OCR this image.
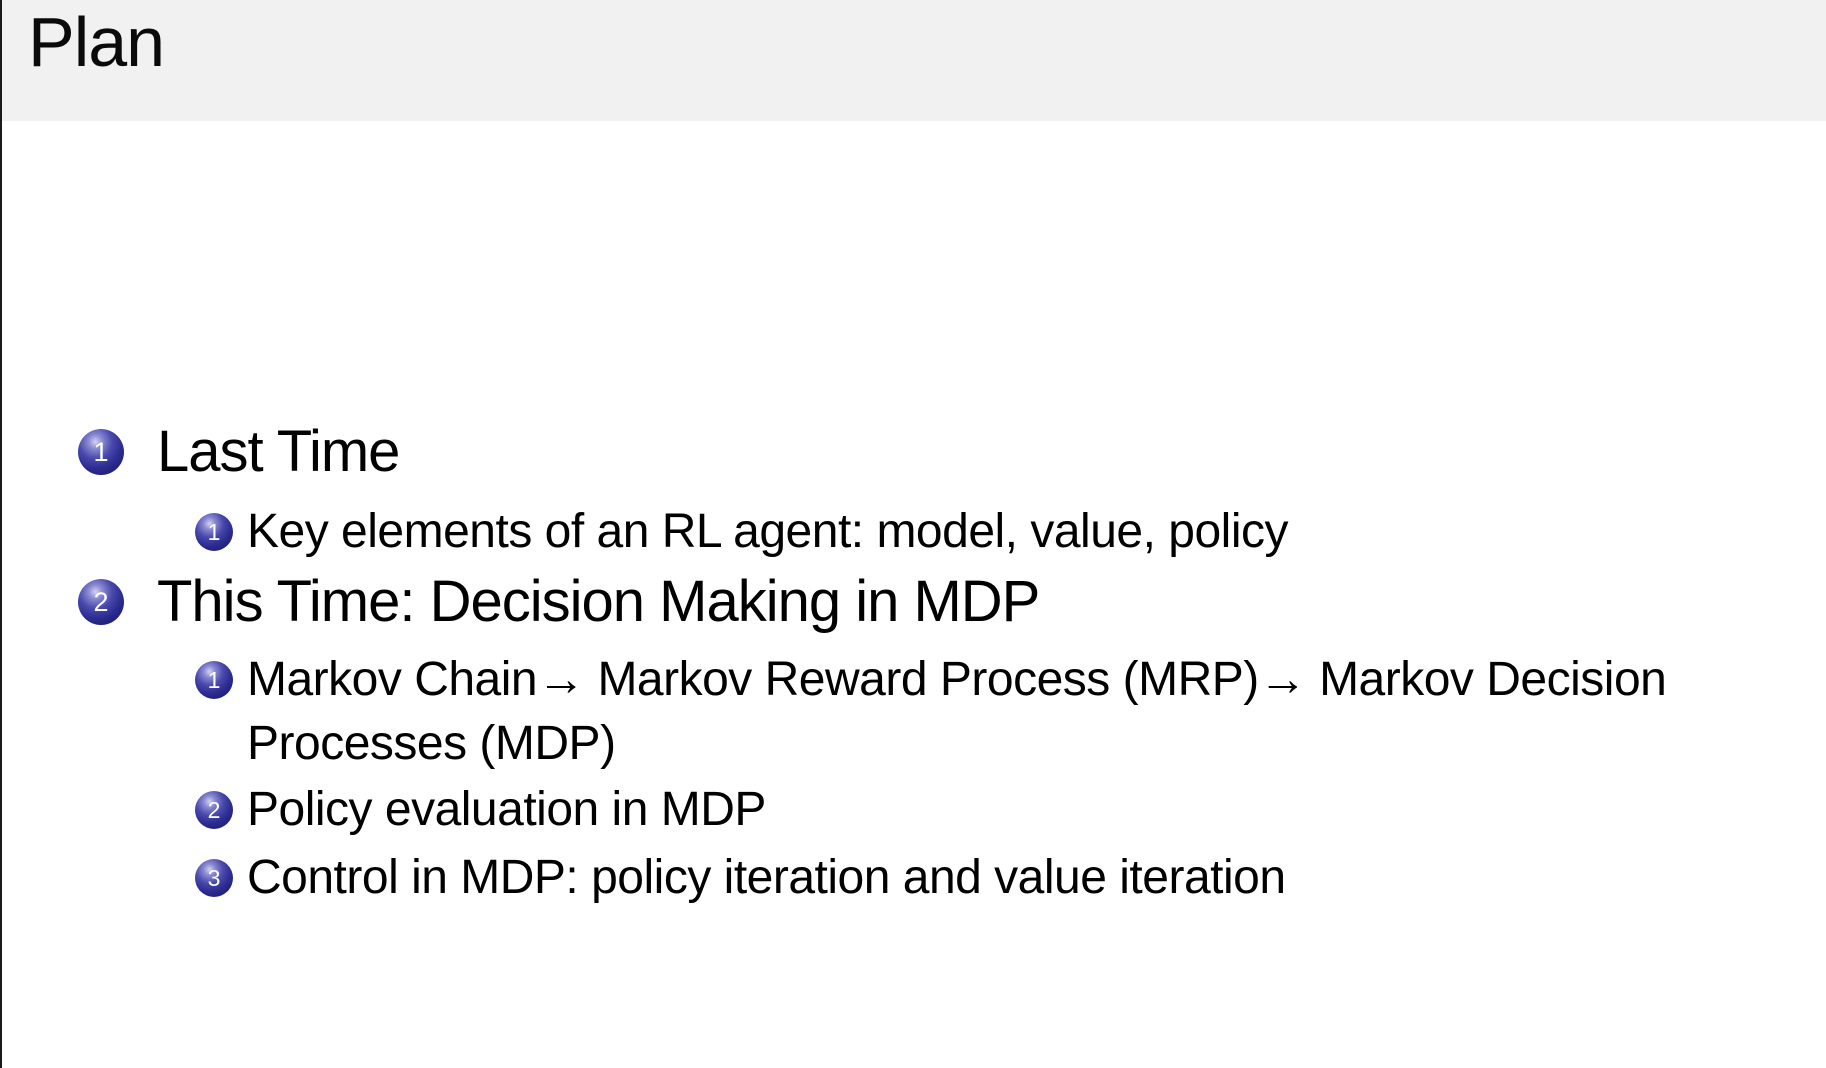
Plan
1 Last Time
1 Key elements of an RL agent: model, value, policy
2 This Time: Decision Making in MDP
1 Markov Chain→ Markov Reward Process (MRP)→ Markov Decision
Processes (MDP)
2 Policy evaluation in MDP
3 Control in MDP: policy iteration and value iteration
